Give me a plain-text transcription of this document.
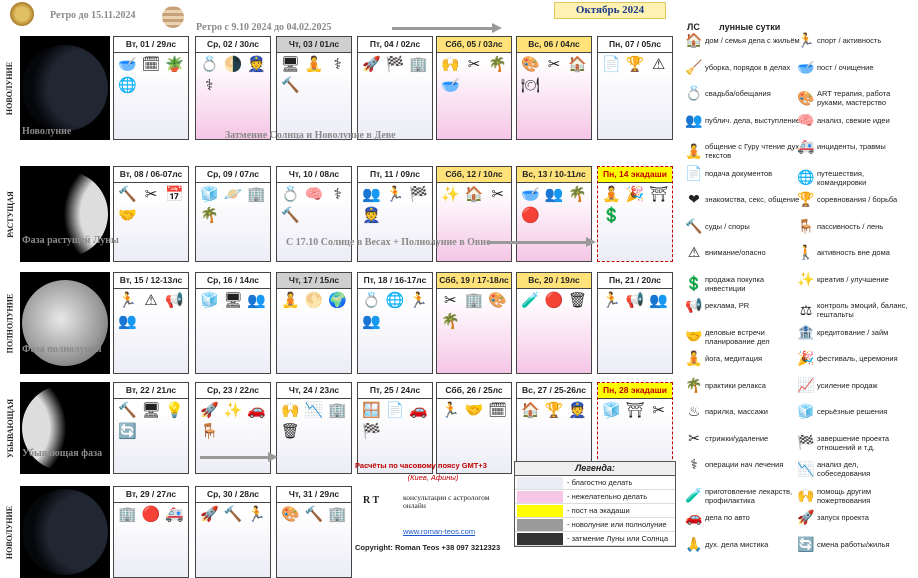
Ретро до 15.11.2024
Ретро с 9.10 2024 до 04.02.2025
Октябрь 2024
НОВОЛУНИЕ
Вт, 01 / 29лс
🥣 🗓 🪴
🌐
Ср, 02 / 30лс
💍 🌗 👮
⚕
Чт, 03 / 01лс
🖥 🧘 ⚕
🔨
Пт, 04 / 02лс
🚀 🏁 🏢
Сбб, 05 / 03лс
🙌 ✂ 🌴
🥣
Вс, 06 / 04лс
🎨 ✂ 🏠
🍽
Пн, 07 / 05лс
📄 🏆 ⚠
РАСТУЩАЯ
Новолуние
Вт, 08 / 06-07лс
🔨 ✂ 📅
🤝
Ср, 09 / 07лс
🧊 🪐 🏢
🌴
Чт, 10 / 08лс
💍 🧠 ⚕
🔨
Пт, 11 / 09лс
👥 🏃 🏁
👮
Сбб, 12 / 10лс
✨ 🏠 ✂
Вс, 13 / 10-11лс
🥣 👥 🌴
🔴
Пн, 14 экадаши
🧘 🎉 ⛩
💲
ПОЛНОЛУНИЕ
Фаза растущей Луны
Вт, 15 / 12-13лс
🏃 ⚠ 📢
👥
Ср, 16 / 14лс
🧊 🖥 👥
Чт, 17 / 15лс
🧘 🌕 🌍
Пт, 18 / 16-17лс
💍 🌐 🏃
👥
Сбб, 19 / 17-18лс
✂ 🏢 🎨
🌴
Вс, 20 / 19лс
🧪 🔴 🗑
Пн, 21 / 20лс
🏃 📢 👥
УБЫВАЮЩАЯ
Фаза полнолуния
Вт, 22 / 21лс
🔨 🖥 💡
🔄
Ср, 23 / 22лс
🚀 ✨ 🚗
🪑
Чт, 24 / 23лс
🙌 📉 🏢
🗑
Пт, 25 / 24лс
🪟 📄 🚗
🏁
Сбб, 26 / 25лс
🏃 🤝 🗓
Вс, 27 / 25-26лс
🏠 🏆 👮
Пн, 28 экадаши
🧊 ⛩ ✂
НОВОЛУНИЕ
Убывающая фаза
Вт, 29 / 27лс
🏢 🔴 🚑
Ср, 30 / 28лс
🚀 🔨 🏃
Чт, 31 / 29лс
🎨 🔨 🏢
Затмение Солнца и Новолуние в Деве
С 17.10 Солнце в Весах + Полнолуние в Овне
Расчёты по часовому поясу GMT+3
(Киев, Афины)
R T	консультации с астрологом онлайн
www.roman-teos.com
Copyright: Roman Teos +38 097 3212323
Легенда:
- благостно делать
- нежелательно делать
- пост на экадаши
- новолуние или полнолуние
- затмение Луны или Солнца
ЛС лунные сутки
🏠 дом / семья дела с жильём
🧹 уборка, порядок в делах
💍 свадьба/обещания
👥 публич. дела, выступление
🧘 общение с Гуру чтение дух текстов
📄 подача документов
❤ знакомства, секс, общение
🔨 суды / споры
⚠ внимание/опасно
💲 продажа покупка инвестиции
📢 реклама, PR
🤝 деловые встречи планирование дел
🧘 йога, медитация
🌴 практики релакса
♨ парилка, массажи
✂ стрижки/удаление
⚕ операции нач лечения
🧪 приготовление лекарств, профилактика
🚗 дела по авто
🙏 дух. дела мистика
🏃 спорт / активность
🥣 пост / очищение
🎨 ART терапия, работа руками, мастерство
🧠 анализ, свежие идеи
🚑 инциденты, травмы
🌐 путешествия, командировки
🏆 соревнования / борьба
🪑 пассивность / лень
🚶 активность вне дома
✨ креатив / улучшение
⚖ контроль эмоций, баланс, гештальты
🏦 кредитование / займ
🎉 фестиваль, церемония
📈 усиление продаж
🧊 серьёзные решения
🏁 завершение проекта отношений и т.д.
📉 анализ дел, собеседования
🙌 помощь другим пожертвования
🚀 запуск проекта
🔄 смена работы/жилья
